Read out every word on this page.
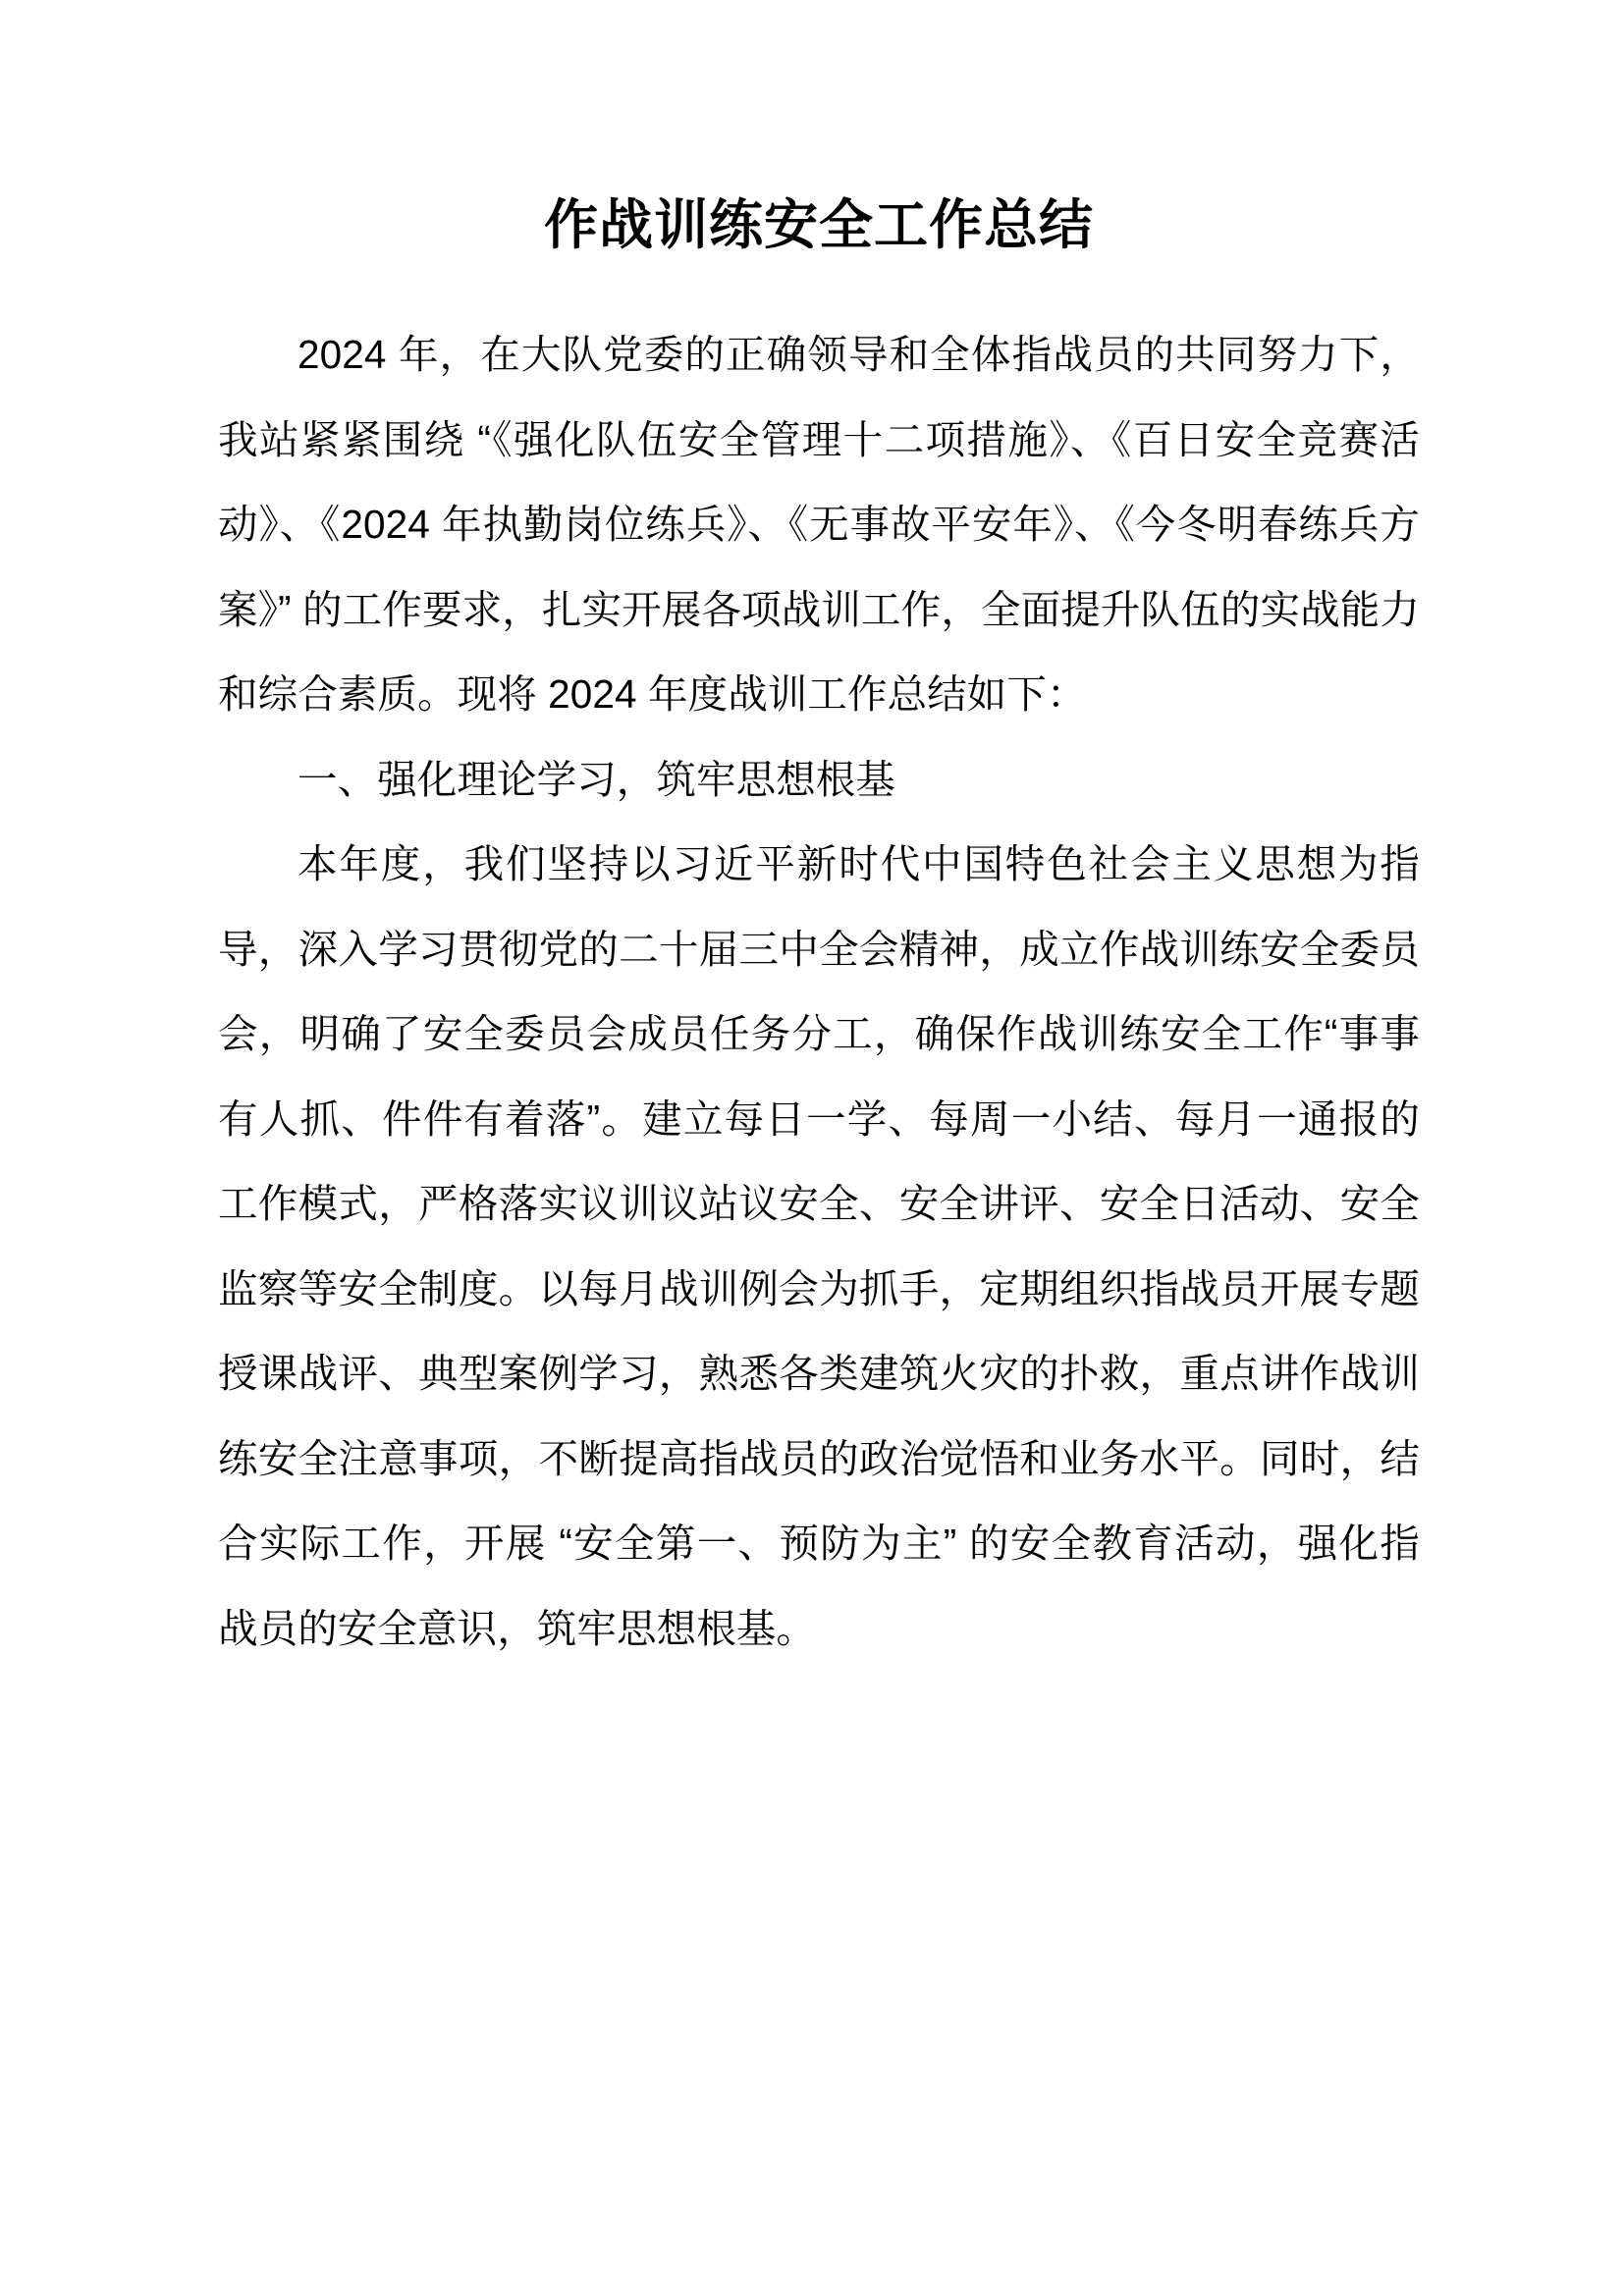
作战训练安全工作总结

2024 年，在大队党委的正确领导和全体指战员的共同努力下，我站紧紧围绕 “《强化队伍安全管理十二项措施》、《百日安全竞赛活动》、《2024 年执勤岗位练兵》、《无事故平安年》、《今冬明春练兵方案》” 的工作要求，扎实开展各项战训工作，全面提升队伍的实战能力和综合素质。现将 2024 年度战训工作总结如下：

一、强化理论学习，筑牢思想根基

本年度，我们坚持以习近平新时代中国特色社会主义思想为指导，深入学习贯彻党的二十届三中全会精神，成立作战训练安全委员会，明确了安全委员会成员任务分工，确保作战训练安全工作“事事有人抓、件件有着落”。建立每日一学、每周一小结、每月一通报的工作模式，严格落实议训议站议安全、安全讲评、安全日活动、安全监察等安全制度。以每月战训例会为抓手，定期组织指战员开展专题授课战评、典型案例学习，熟悉各类建筑火灾的扑救，重点讲作战训练安全注意事项，不断提高指战员的政治觉悟和业务水平。同时，结合实际工作，开展 “安全第一、预防为主” 的安全教育活动，强化指战员的安全意识，筑牢思想根基。
